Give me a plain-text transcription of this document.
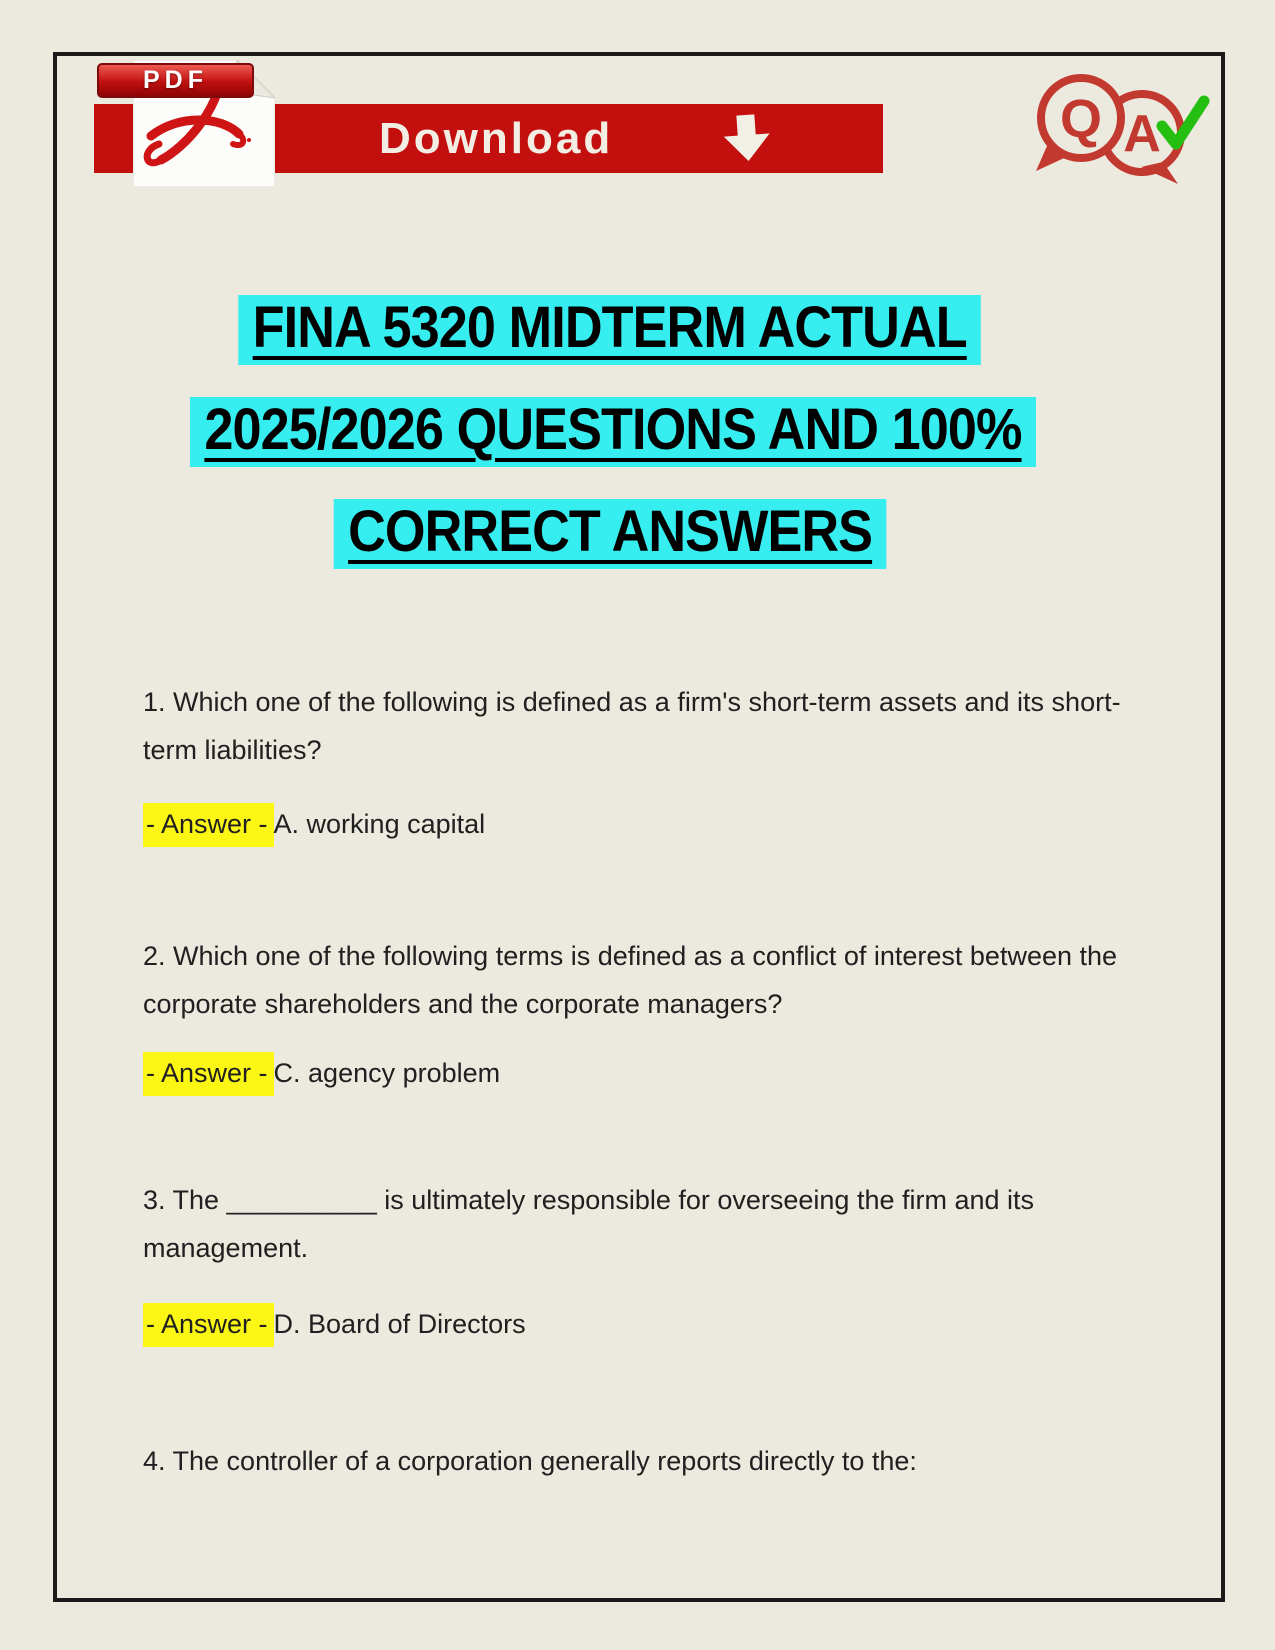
Download
PDF
A
Q
FINA 5320 MIDTERM ACTUAL
2025/2026 QUESTIONS AND 100%
CORRECT ANSWERS
1. Which one of the following is defined as a firm's short-term assets and its short-term liabilities?
- Answer - A. working capital
2. Which one of the following terms is defined as a conflict of interest between the corporate shareholders and the corporate managers?
- Answer - C. agency problem
3. The __________ is ultimately responsible for overseeing the firm and its management.
- Answer - D. Board of Directors
4. The controller of a corporation generally reports directly to the:
